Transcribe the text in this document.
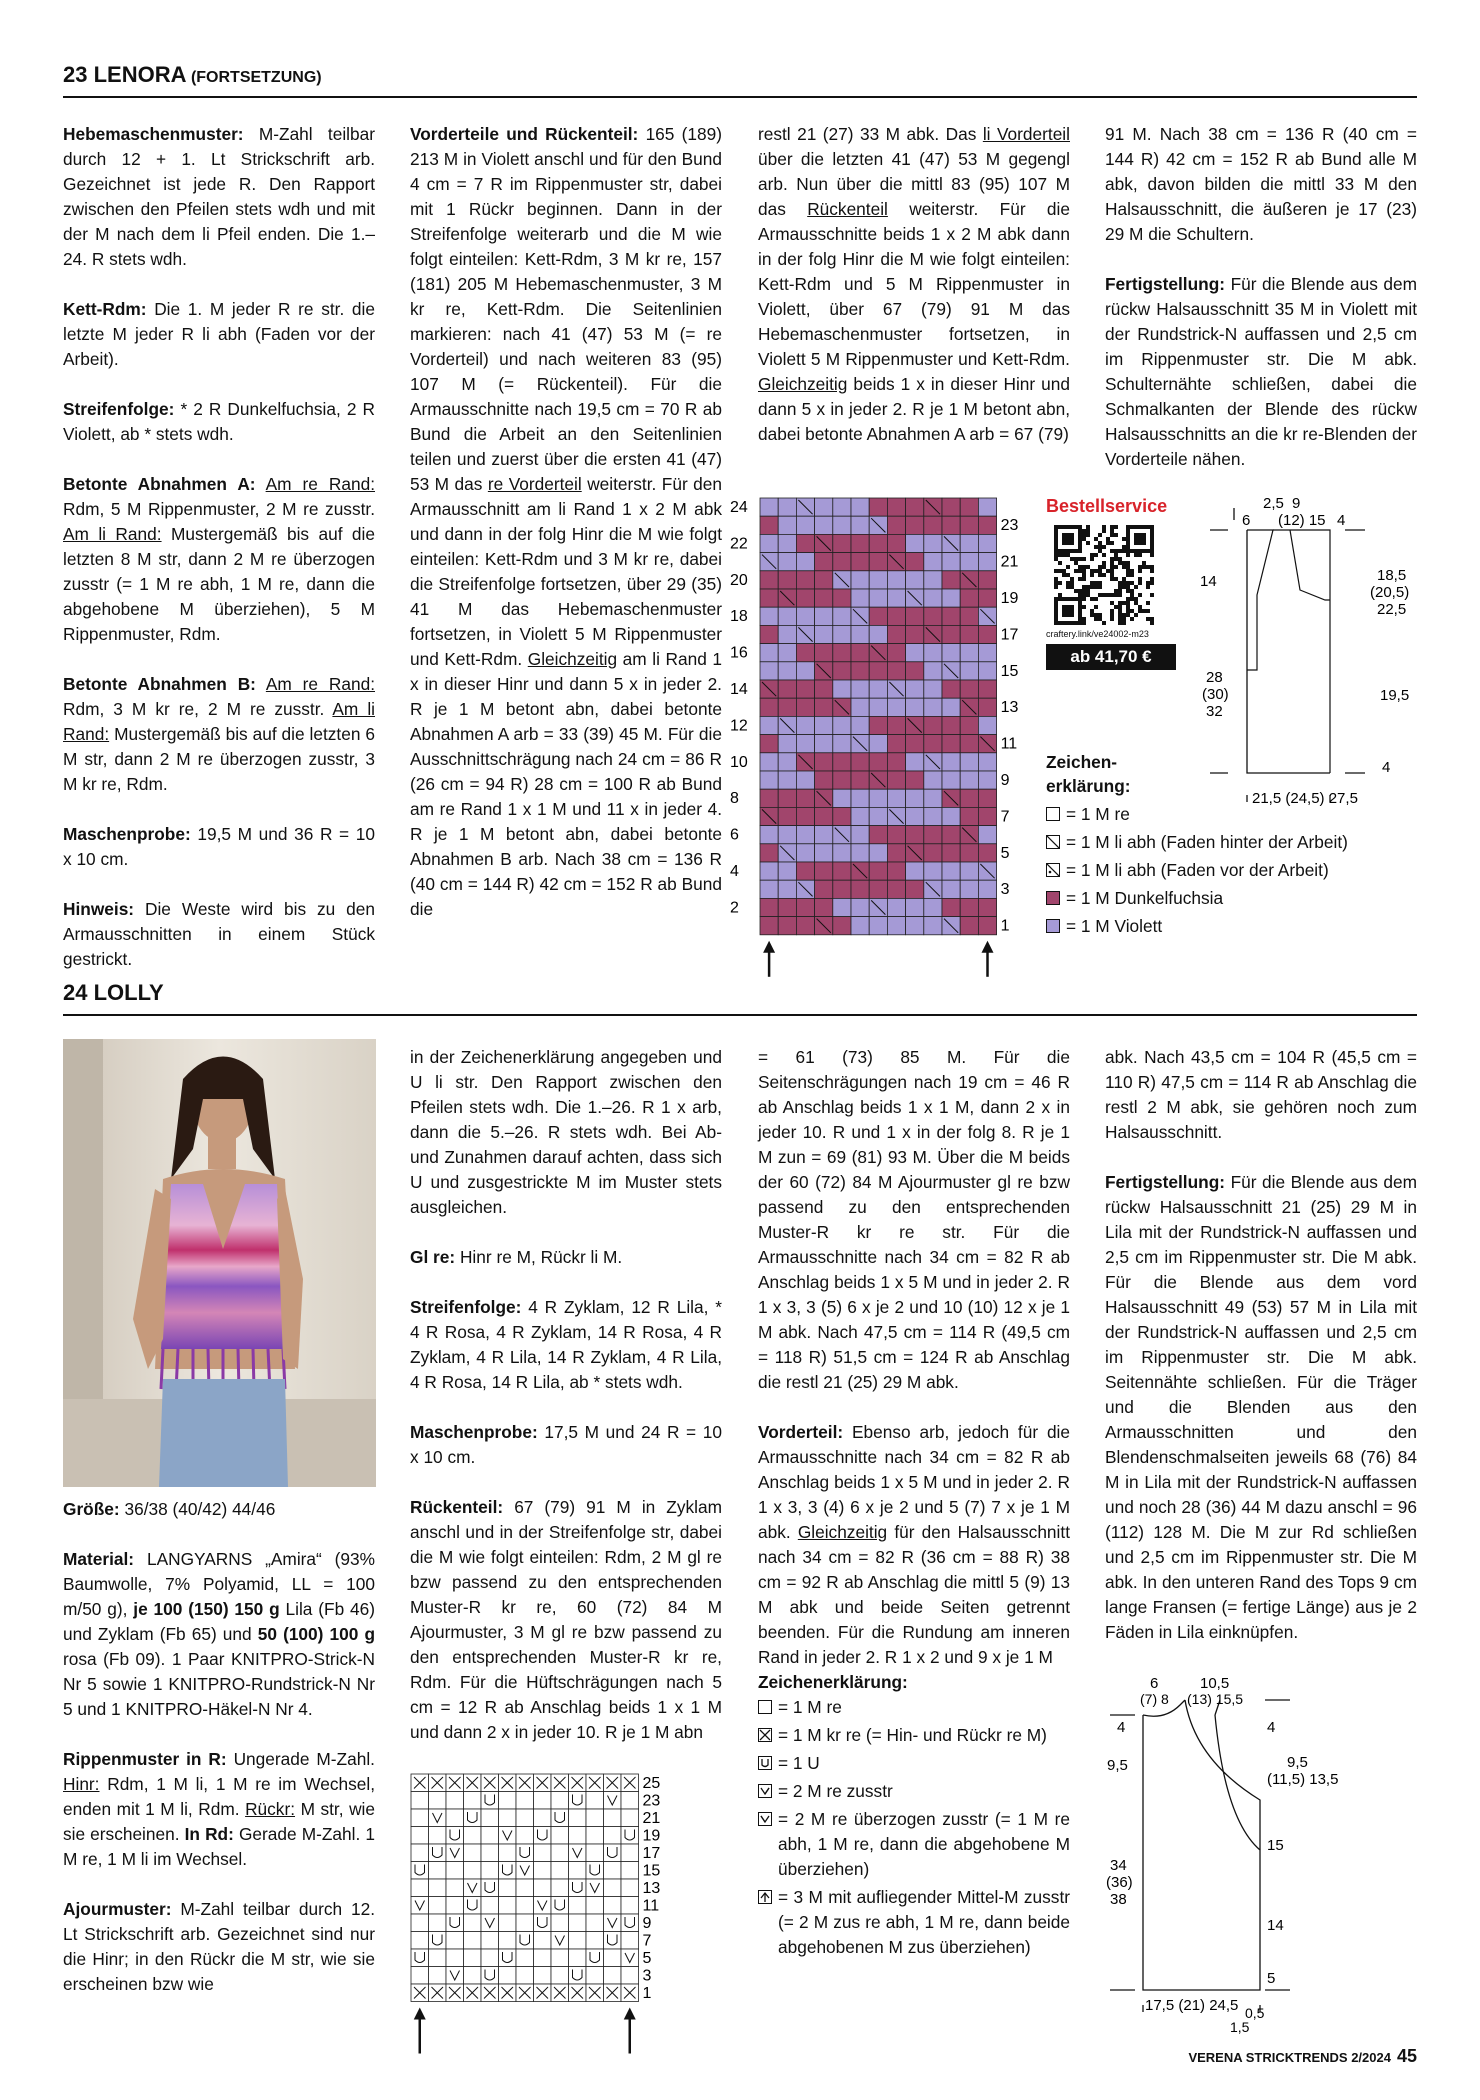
23 LENORA (FORTSETZUNG)

Hebemaschenmuster: M-Zahl teilbar durch 12 + 1. Lt Strickschrift arb. Gezeichnet ist jede R. Den Rapport zwischen den Pfeilen stets wdh und mit der M nach dem li Pfeil enden. Die 1.–24. R stets wdh.

Kett-Rdm: Die 1. M jeder R re str. die letzte M jeder R li abh (Faden vor der Arbeit).

Streifenfolge: * 2 R Dunkelfuchsia, 2 R Violett, ab * stets wdh.

Betonte Abnahmen A: Am re Rand: Rdm, 5 M Rippenmuster, 2 M re zusstr. Am li Rand: Mustergemäß bis auf die letzten 8 M str, dann 2 M re überzogen zusstr (= 1 M re abh, 1 M re, dann die abgehobene M überziehen), 5 M Rippenmuster, Rdm.

Betonte Abnahmen B: Am re Rand: Rdm, 3 M kr re, 2 M re zusstr. Am li Rand: Mustergemäß bis auf die letzten 6 M str, dann 2 M re überzogen zusstr, 3 M kr re, Rdm.

Maschenprobe: 19,5 M und 36 R = 10 x 10 cm.

Hinweis: Die Weste wird bis zu den Armausschnitten in einem Stück gestrickt.

Vorderteile und Rückenteil: 165 (189) 213 M in Violett anschl und für den Bund 4 cm = 7 R im Rippenmuster str, dabei mit 1 Rückr beginnen. Dann in der Streifenfolge weiterarb und die M wie folgt einteilen: Kett-Rdm, 3 M kr re, 157 (181) 205 M Hebemaschenmuster, 3 M kr re, Kett-Rdm. Die Seitenlinien markieren: nach 41 (47) 53 M (= re Vorderteil) und nach weiteren 83 (95) 107 M (= Rückenteil). Für die Armausschnitte nach 19,5 cm = 70 R ab Bund die Arbeit an den Seitenlinien teilen und zuerst über die ersten 41 (47) 53 M das re Vorderteil weiterstr. Für den Armausschnitt am li Rand 1 x 2 M abk und dann in der folg Hinr die M wie folgt einteilen: Kett-Rdm und 3 M kr re, dabei die Streifenfolge fortsetzen, über 29 (35) 41 M das Hebemaschenmuster fortsetzen, in Violett 5 M Rippenmuster und Kett-Rdm. Gleichzeitig am li Rand 1 x in dieser Hinr und dann 5 x in jeder 2. R je 1 M betont abn, dabei betonte Abnahmen A arb = 33 (39) 45 M. Für die Ausschnittschrägung nach 24 cm = 86 R (26 cm = 94 R) 28 cm = 100 R ab Bund am re Rand 1 x 1 M und 11 x in jeder 4. R je 1 M betont abn, dabei betonte Abnahmen B arb. Nach 38 cm = 136 R (40 cm = 144 R) 42 cm = 152 R ab Bund die

restl 21 (27) 33 M abk. Das li Vorderteil über die letzten 41 (47) 53 M gegengl arb. Nun über die mittl 83 (95) 107 M das Rückenteil weiterstr. Für die Armausschnitte beids 1 x 2 M abk dann in der folg Hinr die M wie folgt einteilen: Kett-Rdm und 5 M Rippenmuster in Violett, über 67 (79) 91 M das Hebemaschenmuster fortsetzen, in Violett 5 M Rippenmuster und Kett-Rdm. Gleichzeitig beids 1 x in dieser Hinr und dann 5 x in jeder 2. R je 1 M betont abn, dabei betonte Abnahmen A arb = 67 (79)

91 M. Nach 38 cm = 136 R (40 cm = 144 R) 42 cm = 152 R ab Bund alle M abk, davon bilden die mittl 33 M den Halsausschnitt, die äußeren je 17 (23) 29 M die Schultern.

Fertigstellung: Für die Blende aus dem rückw Halsausschnitt 35 M in Violett mit der Rundstrick-N auffassen und 2,5 cm im Rippenmuster str. Die M abk. Schulternähte schließen, dabei die Schmalkanten der Blende des rückw Halsausschnitts an die kr re-Blenden der Vorderteile nähen.

24
22
20
18
16
14
12
10
8
6
4
2
23
21
19
17
15
13
11
9
7
5
3
1
Bestellservice
craftery.link/ve24002-m23
ab 41,70 €
Zeichen-
erklärung:
= 1 M re
= 1 M li abh (Faden hinter der Arbeit)
= 1 M li abh (Faden vor der Arbeit)
= 1 M Dunkelfuchsia
= 1 M Violett
2,5 9
6 (12) 15 4
14
28
(30)
32
18,5
(20,5)
22,5
19,5
4
21,5 (24,5) 27,5
24 LOLLY
Größe: 36/38 (40/42) 44/46

Material: LANGYARNS „Amira“ (93% Baumwolle, 7% Polyamid, LL = 100 m/50 g), je 100 (150) 150 g Lila (Fb 46) und Zyklam (Fb 65) und 50 (100) 100 g rosa (Fb 09). 1 Paar KNITPRO-Strick-N Nr 5 sowie 1 KNITPRO-Rundstrick-N Nr 5 und 1 KNITPRO-Häkel-N Nr 4.

Rippenmuster in R: Ungerade M-Zahl. Hinr: Rdm, 1 M li, 1 M re im Wechsel, enden mit 1 M li, Rdm. Rückr: M str, wie sie erscheinen. In Rd: Gerade M-Zahl. 1 M re, 1 M li im Wechsel.

Ajourmuster: M-Zahl teilbar durch 12. Lt Strickschrift arb. Gezeichnet sind nur die Hinr; in den Rückr die M str, wie sie erscheinen bzw wie

in der Zeichenerklärung angegeben und U li str. Den Rapport zwischen den Pfeilen stets wdh. Die 1.–26. R 1 x arb, dann die 5.–26. R stets wdh. Bei Ab- und Zunahmen darauf achten, dass sich U und zusgestrickte M im Muster stets ausgleichen.

Gl re: Hinr re M, Rückr li M.

Streifenfolge: 4 R Zyklam, 12 R Lila, * 4 R Rosa, 4 R Zyklam, 14 R Rosa, 4 R Zyklam, 4 R Lila, 14 R Zyklam, 4 R Lila, 4 R Rosa, 14 R Lila, ab * stets wdh.

Maschenprobe: 17,5 M und 24 R = 10 x 10 cm.

Rückenteil: 67 (79) 91 M in Zyklam anschl und in der Streifenfolge str, dabei die M wie folgt einteilen: Rdm, 2 M gl re bzw passend zu den entsprechenden Muster-R kr re, 60 (72) 84 M Ajourmuster, 3 M gl re bzw passend zu den entsprechenden Muster-R kr re, Rdm. Für die Hüftschrägungen nach 5 cm = 12 R ab Anschlag beids 1 x 1 M und dann 2 x in jeder 10. R je 1 M abn

25
23
21
19
17
15
13
11
9
7
5
3
1

= 61 (73) 85 M. Für die Seitenschrägungen nach 19 cm = 46 R ab Anschlag beids 1 x 1 M, dann 2 x in jeder 10. R und 1 x in der folg 8. R je 1 M zun = 69 (81) 93 M. Über die M beids der 60 (72) 84 M Ajourmuster gl re bzw passend zu den entsprechenden Muster-R kr re str. Für die Armausschnitte nach 34 cm = 82 R ab Anschlag beids 1 x 5 M und in jeder 2. R 1 x 3, 3 (5) 6 x je 2 und 10 (10) 12 x je 1 M abk. Nach 47,5 cm = 114 R (49,5 cm = 118 R) 51,5 cm = 124 R ab Anschlag die restl 21 (25) 29 M abk.

Vorderteil: Ebenso arb, jedoch für die Armausschnitte nach 34 cm = 82 R ab Anschlag beids 1 x 5 M und in jeder 2. R 1 x 3, 3 (4) 6 x je 2 und 5 (7) 7 x je 1 M abk. Gleichzeitig für den Halsausschnitt nach 34 cm = 82 R (36 cm = 88 R) 38 cm = 92 R ab Anschlag die mittl 5 (9) 13 M abk und beide Seiten getrennt beenden. Für die Rundung am inneren Rand in jeder 2. R 1 x 2 und 9 x je 1 M

Zeichenerklärung:
= 1 M re
= 1 M kr re (= Hin- und Rückr re M)
= 1 U
= 2 M re zusstr
= 2 M re überzogen zusstr (= 1 M re abh, 1 M re, dann die abgehobene M überziehen)
= 3 M mit aufliegender Mittel-M zusstr (= 2 M zus re abh, 1 M re, dann beide abgehobenen M zus überziehen)

abk. Nach 43,5 cm = 104 R (45,5 cm = 110 R) 47,5 cm = 114 R ab Anschlag die restl 2 M abk, sie gehören noch zum Halsausschnitt.

Fertigstellung: Für die Blende aus dem rückw Halsausschnitt 21 (25) 29 M in Lila mit der Rundstrick-N auffassen und 2,5 cm im Rippenmuster str. Die M abk. Für die Blende aus dem vord Halsausschnitt 49 (53) 57 M in Lila mit der Rundstrick-N auffassen und 2,5 cm im Rippenmuster str. Die M abk. Seitennähte schließen. Für die Träger und die Blenden aus den Armausschnitten und den Blendenschmalseiten jeweils 68 (76) 84 M in Lila mit der Rundstrick-N auffassen und noch 28 (36) 44 M dazu anschl = 96 (112) 128 M. Die M zur Rd schließen und 2,5 cm im Rippenmuster str. Die M abk. In den unteren Rand des Tops 9 cm lange Fransen (= fertige Länge) aus je 2 Fäden in Lila einknüpfen.

6	10,5
(7) 8 (13) 15,5
4
9,5
34
(36)
38
4
9,5
(11,5) 13,5
15
14
5
17,5 (21) 24,5 0,5
1,5
VERENA STRICKTRENDS 2/2024 45
